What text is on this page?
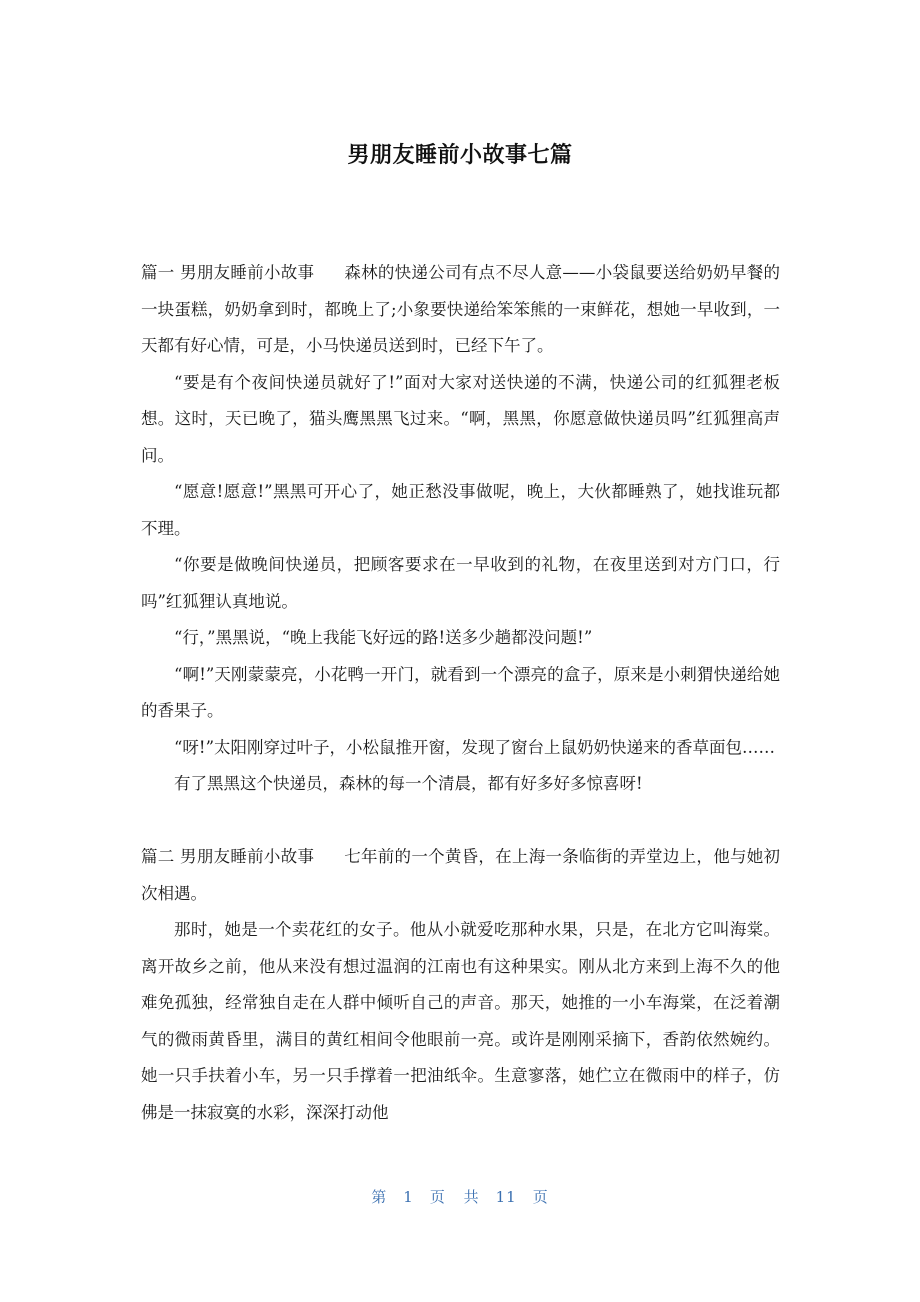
男朋友睡前小故事七篇

篇一 男朋友睡前小故事 森林的快递公司有点不尽人意——小袋鼠要送给奶奶早餐的一块蛋糕，奶奶拿到时，都晚上了;小象要快递给笨笨熊的一束鲜花，想她一早收到，一天都有好心情，可是，小马快递员送到时，已经下午了。

“要是有个夜间快递员就好了!”面对大家对送快递的不满，快递公司的红狐狸老板想。这时，天已晚了，猫头鹰黑黑飞过来。“啊，黑黑，你愿意做快递员吗”红狐狸高声问。

“愿意!愿意!”黑黑可开心了，她正愁没事做呢，晚上，大伙都睡熟了，她找谁玩都不理。

“你要是做晚间快递员，把顾客要求在一早收到的礼物，在夜里送到对方门口，行吗”红狐狸认真地说。

“行，”黑黑说，“晚上我能飞好远的路!送多少趟都没问题!”

“啊!”天刚蒙蒙亮，小花鸭一开门，就看到一个漂亮的盒子，原来是小刺猬快递给她的香果子。

“呀!”太阳刚穿过叶子，小松鼠推开窗，发现了窗台上鼠奶奶快递来的香草面包……

有了黑黑这个快递员，森林的每一个清晨，都有好多好多惊喜呀!

篇二 男朋友睡前小故事 七年前的一个黄昏，在上海一条临街的弄堂边上，他与她初次相遇。

那时，她是一个卖花红的女子。他从小就爱吃那种水果，只是，在北方它叫海棠。离开故乡之前，他从来没有想过温润的江南也有这种果实。刚从北方来到上海不久的他难免孤独，经常独自走在人群中倾听自己的声音。那天，她推的一小车海棠，在泛着潮气的微雨黄昏里，满目的黄红相间令他眼前一亮。或许是刚刚采摘下，香韵依然婉约。她一只手扶着小车，另一只手撑着一把油纸伞。生意寥落，她伫立在微雨中的样子，仿佛是一抹寂寞的水彩，深深打动他

第 1 页 共 11 页
